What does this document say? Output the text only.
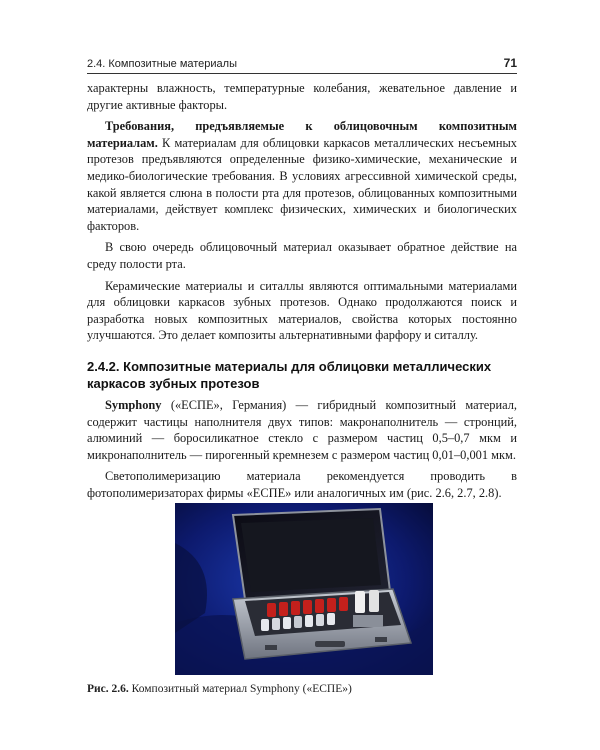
2.4. Композитные материалы	71

характерны влажность, температурные колебания, жевательное давление и другие активные факторы.

Требования, предъявляемые к облицовочным композитным материалам. К материалам для облицовки каркасов металлических несъемных протезов предъявляются определенные физико-химические, механические и медико-биологические требования. В условиях агрессивной химической среды, какой является слюна в полости рта для протезов, облицованных композитными материалами, действует комплекс физических, химических и биологических факторов.

В свою очередь облицовочный материал оказывает обратное действие на среду полости рта.

Керамические материалы и ситаллы являются оптимальными материалами для облицовки каркасов зубных протезов. Однако продолжаются поиск и разработка новых композитных материалов, свойства которых постоянно улучшаются. Это делает композиты альтернативными фарфору и ситаллу.

2.4.2. Композитные материалы для облицовки металлических каркасов зубных протезов

Symphony («ЕСПЕ», Германия) — гибридный композитный материал, содержит частицы наполнителя двух типов: макронаполнитель — стронций, алюминий — боросиликатное стекло с размером частиц 0,5–0,7 мкм и микронаполнитель — пирогенный кремнезем с размером частиц 0,01–0,001 мкм.

Светополимеризацию материала рекомендуется проводить в фотополимеризаторах фирмы «ЕСПЕ» или аналогичных им (рис. 2.6, 2.7, 2.8).

Рис. 2.6. Композитный материал Symphony («ЕСПЕ»)
